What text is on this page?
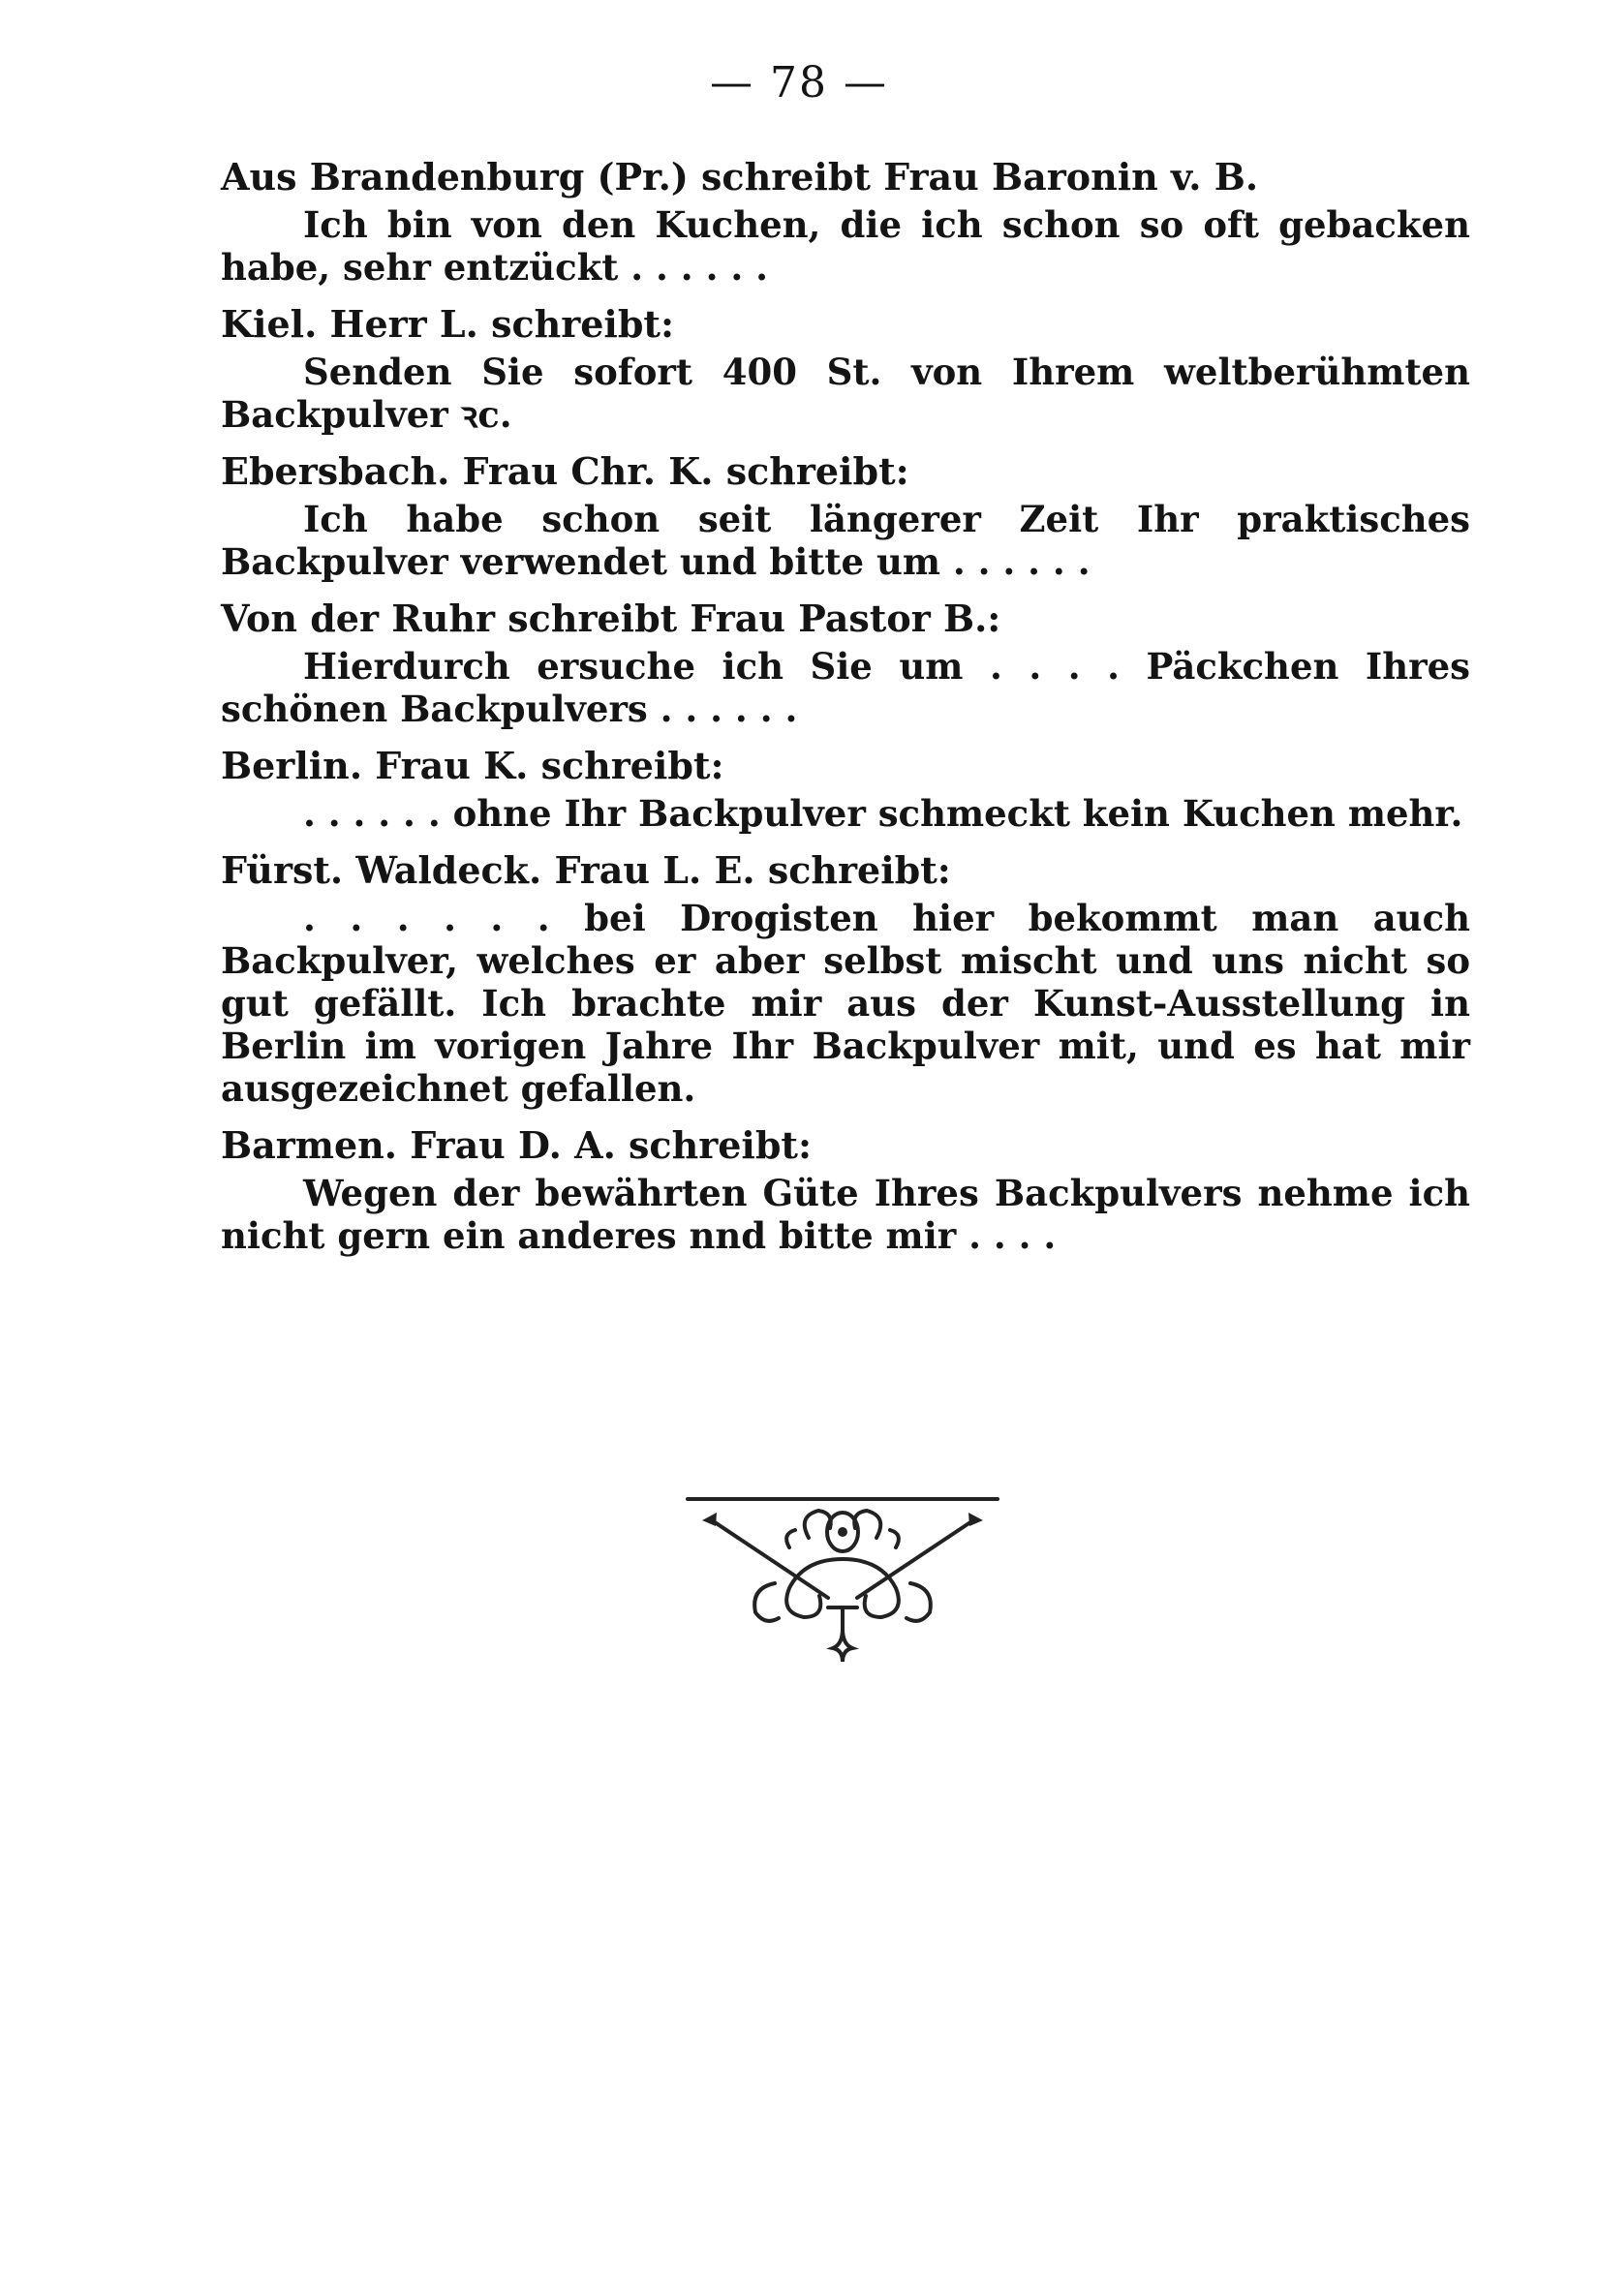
— 78 —
Aus Brandenburg (Pr.) schreibt Frau Baronin v. B.
Ich bin von den Kuchen, die ich schon so oft gebacken habe, sehr entzückt . . . . . .
Kiel. Herr L. schreibt:
Senden Sie sofort 400 St. von Ihrem weltberühmten Backpulver ꝛc.
Ebersbach. Frau Chr. K. schreibt:
Ich habe schon seit längerer Zeit Ihr praktisches Backpulver verwendet und bitte um . . . . . .
Von der Ruhr schreibt Frau Pastor B.:
Hierdurch ersuche ich Sie um . . . . Päckchen Ihres schönen Backpulvers . . . . . .
Berlin. Frau K. schreibt:
. . . . . . ohne Ihr Backpulver schmeckt kein Kuchen mehr.
Fürst. Waldeck. Frau L. E. schreibt:
. . . . . . bei Drogisten hier bekommt man auch Backpulver, welches er aber selbst mischt und uns nicht so gut gefällt. Ich brachte mir aus der Kunst-Ausstellung in Berlin im vorigen Jahre Ihr Backpulver mit, und es hat mir ausgezeichnet gefallen.
Barmen. Frau D. A. schreibt:
Wegen der bewährten Güte Ihres Backpulvers nehme ich nicht gern ein anderes nnd bitte mir . . . .
